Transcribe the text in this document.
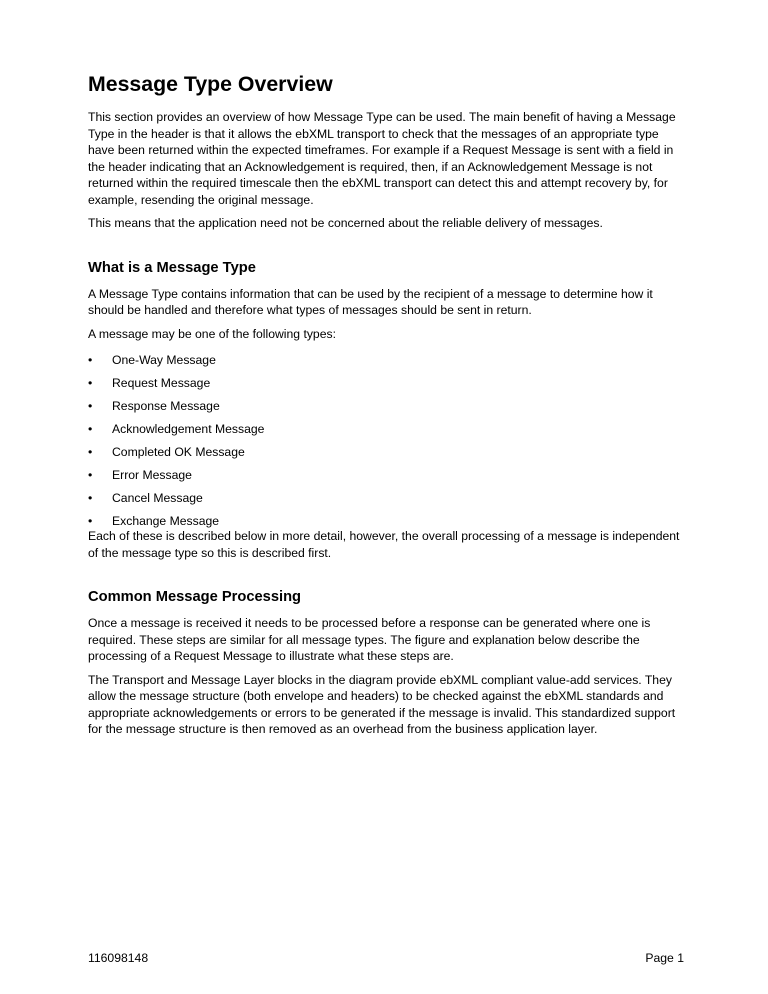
Message Type Overview

This section provides an overview of how Message Type can be used. The main benefit of having a Message Type in the header is that it allows the ebXML transport to check that the messages of an appropriate type have been returned within the expected timeframes. For example if a Request Message is sent with a field in the header indicating that an Acknowledgement is required, then, if an Acknowledgement Message is not returned within the required timescale then the ebXML transport can detect this and attempt recovery by, for example, resending the original message.

This means that the application need not be concerned about the reliable delivery of messages.

What is a Message Type

A Message Type contains information that can be used by the recipient of a message to determine how it should be handled and therefore what types of messages should be sent in return.

A message may be one of the following types:

•	One-Way Message
•	Request Message
•	Response Message
•	Acknowledgement Message
•	Completed OK Message
•	Error Message
•	Cancel Message
•	Exchange Message

Each of these is described below in more detail, however, the overall processing of a message is independent of the message type so this is described first.

Common Message Processing

Once a message is received it needs to be processed before a response can be generated where one is required. These steps are similar for all message types. The figure and explanation below describe the processing of a Request Message to illustrate what these steps are.

The Transport and Message Layer blocks in the diagram provide ebXML compliant value-add services. They allow the message structure (both envelope and headers) to be checked against the ebXML standards and appropriate acknowledgements or errors to be generated if the message is invalid. This standardized support for the message structure is then removed as an overhead from the business application layer.

116098148	Page 1
